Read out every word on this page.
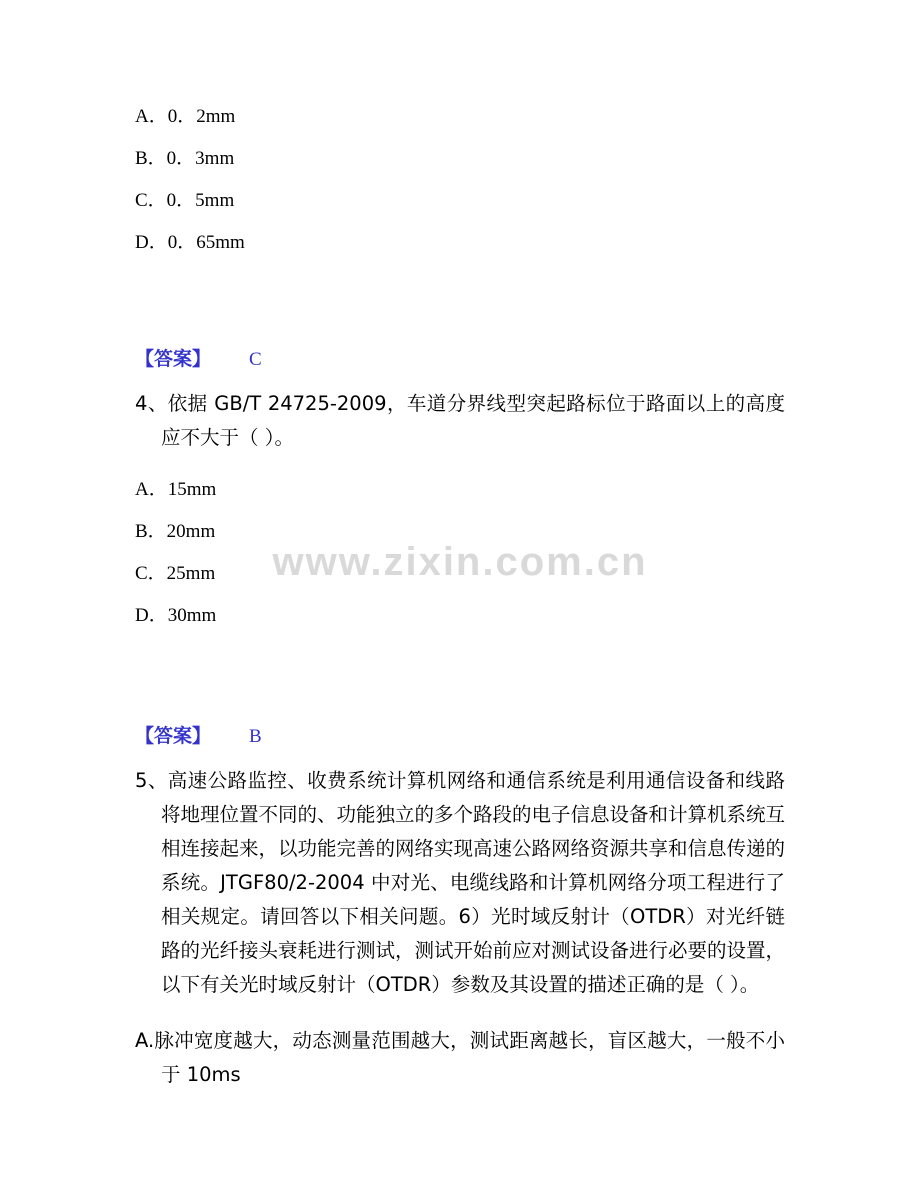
www.zixin.com.cn
A．0．2mm
B．0．3mm
C．0．5mm
D．0．65mm
【答案】 C
4、依据 GB/T 24725-2009，车道分界线型突起路标位于路面以上的高度应不大于（ ）。
A．15mm
B．20mm
C．25mm
D．30mm
【答案】 B
5、高速公路监控、收费系统计算机网络和通信系统是利用通信设备和线路将地理位置不同的、功能独立的多个路段的电子信息设备和计算机系统互相连接起来，以功能完善的网络实现高速公路网络资源共享和信息传递的系统。JTGF80/2-2004 中对光、电缆线路和计算机网络分项工程进行了相关规定。请回答以下相关问题。6）光时域反射计（OTDR）对光纤链路的光纤接头衰耗进行测试，测试开始前应对测试设备进行必要的设置，以下有关光时域反射计（OTDR）参数及其设置的描述正确的是（ ）。
A.脉冲宽度越大，动态测量范围越大，测试距离越长，盲区越大，一般不小于 10ms
